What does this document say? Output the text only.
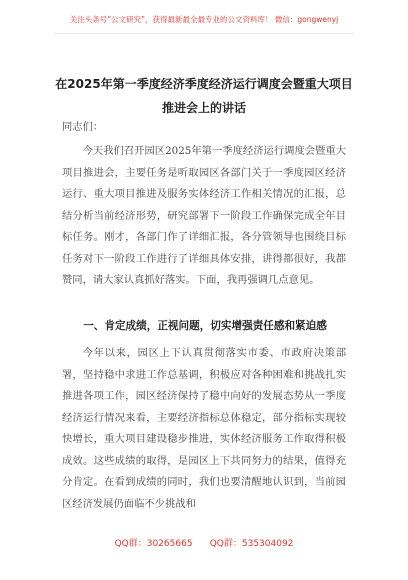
关注头条号“公文研究”，获得最新最全最专业的公文资料库！ 微信：gongwenyj
在2025年第一季度经济季度经济运行调度会暨重大项目推进会上的讲话

同志们：

今天我们召开园区2025年第一季度经济运行调度会暨重大项目推进会，主要任务是听取园区各部门关于一季度园区经济运行、重大项目推进及服务实体经济工作相关情况的汇报，总结分析当前经济形势，研究部署下一阶段工作确保完成全年目标任务。刚才，各部门作了详细汇报，各分管领导也围绕目标任务对下一阶段工作进行了详细具体安排，讲得都很好，我都赞同，请大家认真抓好落实。下面，我再强调几点意见。

一、肯定成绩，正视问题，切实增强责任感和紧迫感

今年以来，园区上下认真贯彻落实市委、市政府决策部署，坚持稳中求进工作总基调，积极应对各种困难和挑战扎实推进各项工作，园区经济保持了稳中向好的发展态势从一季度经济运行情况来看，主要经济指标总体稳定，部分指标实现较快增长，重大项目建设稳步推进，实体经济服务工作取得积极成效。这些成绩的取得，是园区上下共同努力的结果，值得充分肯定。在看到成绩的同时，我们也要清醒地认识到，当前园区经济发展仍面临不少挑战和

QQ群：30265665      QQ群：535304092
